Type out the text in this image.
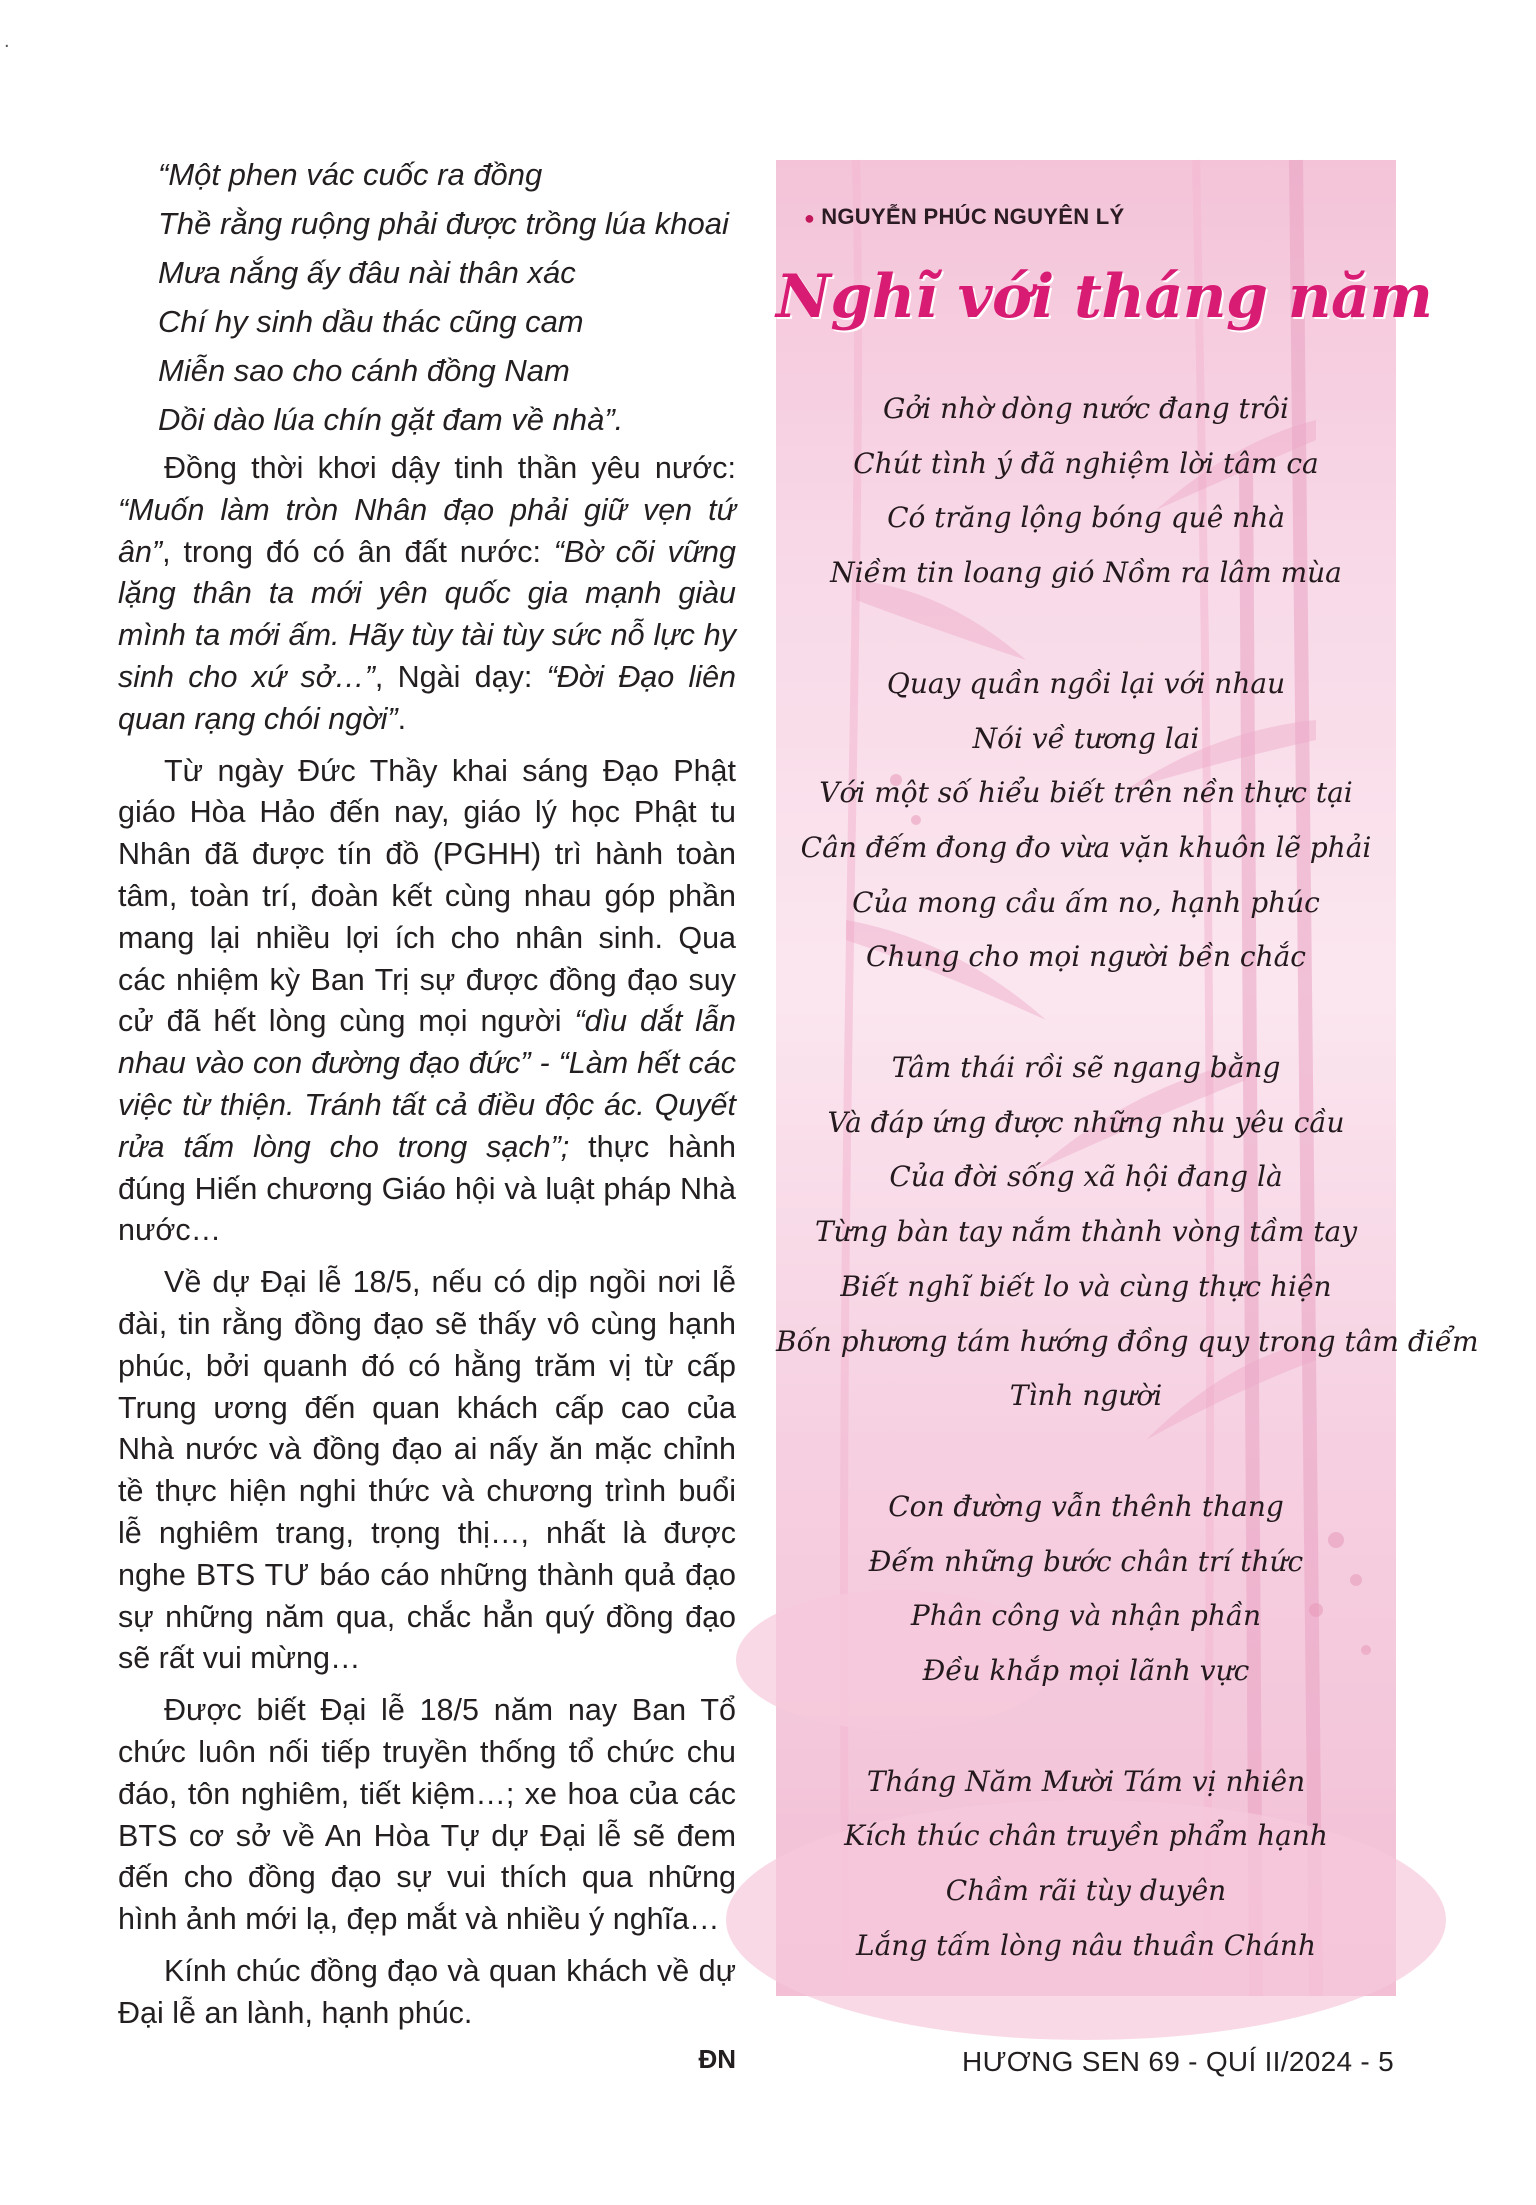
.
“Một phen vác cuốc ra đồng
Thề rằng ruộng phải được trồng lúa khoai
Mưa nắng ấy đâu nài thân xác
Chí hy sinh dầu thác cũng cam
Miễn sao cho cánh đồng Nam
Dồi dào lúa chín gặt đam về nhà”.

Đồng thời khơi dậy tinh thần yêu nước: “Muốn làm tròn Nhân đạo phải giữ vẹn tứ ân”, trong đó có ân đất nước: “Bờ cõi vững lặng thân ta mới yên quốc gia mạnh giàu mình ta mới ấm. Hãy tùy tài tùy sức nỗ lực hy sinh cho xứ sở…”, Ngài dạy: “Đời Đạo liên quan rạng chói ngời”.

Từ ngày Đức Thầy khai sáng Đạo Phật giáo Hòa Hảo đến nay, giáo lý học Phật tu Nhân đã được tín đồ (PGHH) trì hành toàn tâm, toàn trí, đoàn kết cùng nhau góp phần mang lại nhiều lợi ích cho nhân sinh. Qua các nhiệm kỳ Ban Trị sự được đồng đạo suy cử đã hết lòng cùng mọi người “dìu dắt lẫn nhau vào con đường đạo đức” - “Làm hết các việc từ thiện. Tránh tất cả điều độc ác. Quyết rửa tấm lòng cho trong sạch”; thực hành đúng Hiến chương Giáo hội và luật pháp Nhà nước…

Về dự Đại lễ 18/5, nếu có dịp ngồi nơi lễ đài, tin rằng đồng đạo sẽ thấy vô cùng hạnh phúc, bởi quanh đó có hằng trăm vị từ cấp Trung ương đến quan khách cấp cao của Nhà nước và đồng đạo ai nấy ăn mặc chỉnh tề thực hiện nghi thức và chương trình buổi lễ nghiêm trang, trọng thị…, nhất là được nghe BTS TƯ báo cáo những thành quả đạo sự những năm qua, chắc hẳn quý đồng đạo sẽ rất vui mừng…

Được biết Đại lễ 18/5 năm nay Ban Tổ chức luôn nối tiếp truyền thống tổ chức chu đáo, tôn nghiêm, tiết kiệm…; xe hoa của các BTS cơ sở về An Hòa Tự dự Đại lễ sẽ đem đến cho đồng đạo sự vui thích qua những hình ảnh mới lạ, đẹp mắt và nhiều ý nghĩa…

Kính chúc đồng đạo và quan khách về dự Đại lễ an lành, hạnh phúc.

ĐN
● NGUYỄN PHÚC NGUYÊN LÝ
Nghĩ với tháng năm
Gởi nhờ dòng nước đang trôi
Chút tình ý đã nghiệm lời tâm ca
Có trăng lộng bóng quê nhà
Niềm tin loang gió Nồm ra lâm mùa
Quay quần ngồi lại với nhau
Nói về tương lai
Với một số hiểu biết trên nền thực tại
Cân đếm đong đo vừa vặn khuôn lẽ phải
Của mong cầu ấm no, hạnh phúc
Chung cho mọi người bền chắc
Tâm thái rồi sẽ ngang bằng
Và đáp ứng được những nhu yêu cầu
Của đời sống xã hội đang là
Từng bàn tay nắm thành vòng tầm tay
Biết nghĩ biết lo và cùng thực hiện
Bốn phương tám hướng đồng quy trong tâm điểm
Tình người
Con đường vẫn thênh thang
Đếm những bước chân trí thức
Phân công và nhận phần
Đều khắp mọi lãnh vực
Tháng Năm Mười Tám vị nhiên
Kích thúc chân truyền phẩm hạnh
Chầm rãi tùy duyên
Lắng tấm lòng nâu thuần Chánh
HƯƠNG SEN 69 - QUÍ II/2024 - 5
